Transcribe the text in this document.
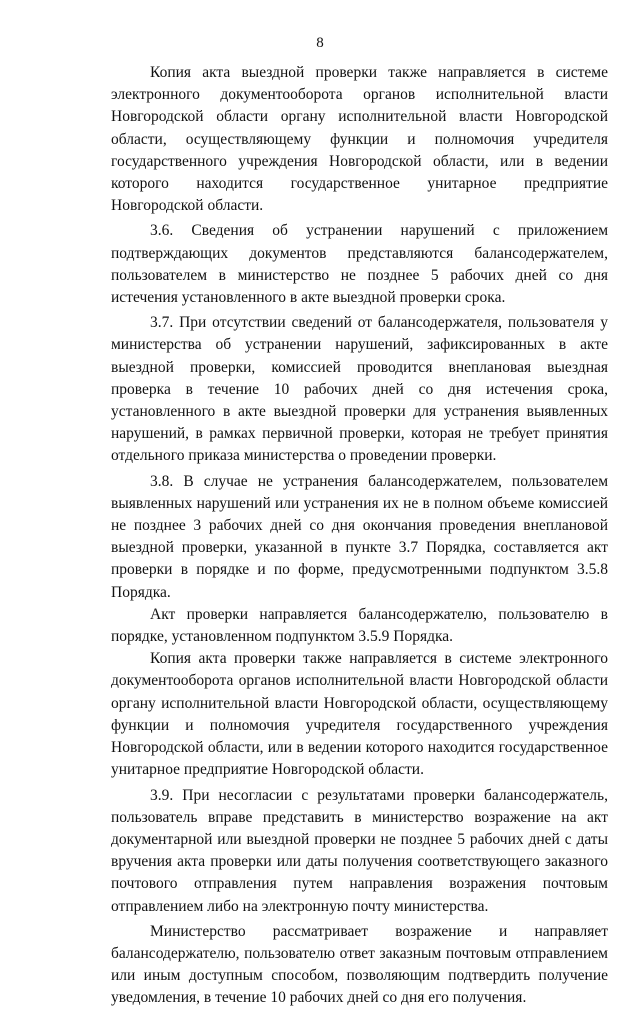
8

Копия акта выездной проверки также направляется в системе электронного документооборота органов исполнительной власти Новгородской области органу исполнительной власти Новгородской области, осуществляющему функции и полномочия учредителя государственного учреждения Новгородской области, или в ведении которого находится государственное унитарное предприятие Новгородской области.

3.6. Сведения об устранении нарушений с приложением подтверждающих документов представляются балансодержателем, пользователем в министерство не позднее 5 рабочих дней со дня истечения установленного в акте выездной проверки срока.

3.7. При отсутствии сведений от балансодержателя, пользователя у министерства об устранении нарушений, зафиксированных в акте выездной проверки, комиссией проводится внеплановая выездная проверка в течение 10 рабочих дней со дня истечения срока, установленного в акте выездной проверки для устранения выявленных нарушений, в рамках первичной проверки, которая не требует принятия отдельного приказа министерства о проведении проверки.

3.8. В случае не устранения балансодержателем, пользователем выявленных нарушений или устранения их не в полном объеме комиссией не позднее 3 рабочих дней со дня окончания проведения внеплановой выездной проверки, указанной в пункте 3.7 Порядка, составляется акт проверки в порядке и по форме, предусмотренными подпунктом 3.5.8 Порядка.

Акт проверки направляется балансодержателю, пользователю в порядке, установленном подпунктом 3.5.9 Порядка.

Копия акта проверки также направляется в системе электронного документооборота органов исполнительной власти Новгородской области органу исполнительной власти Новгородской области, осуществляющему функции и полномочия учредителя государственного учреждения Новгородской области, или в ведении которого находится государственное унитарное предприятие Новгородской области.

3.9. При несогласии с результатами проверки балансодержатель, пользователь вправе представить в министерство возражение на акт документарной или выездной проверки не позднее 5 рабочих дней с даты вручения акта проверки или даты получения соответствующего заказного почтового отправления путем направления возражения почтовым отправлением либо на электронную почту министерства.

Министерство рассматривает возражение и направляет балансодержателю, пользователю ответ заказным почтовым отправлением или иным доступным способом, позволяющим подтвердить получение уведомления, в течение 10 рабочих дней со дня его получения.
